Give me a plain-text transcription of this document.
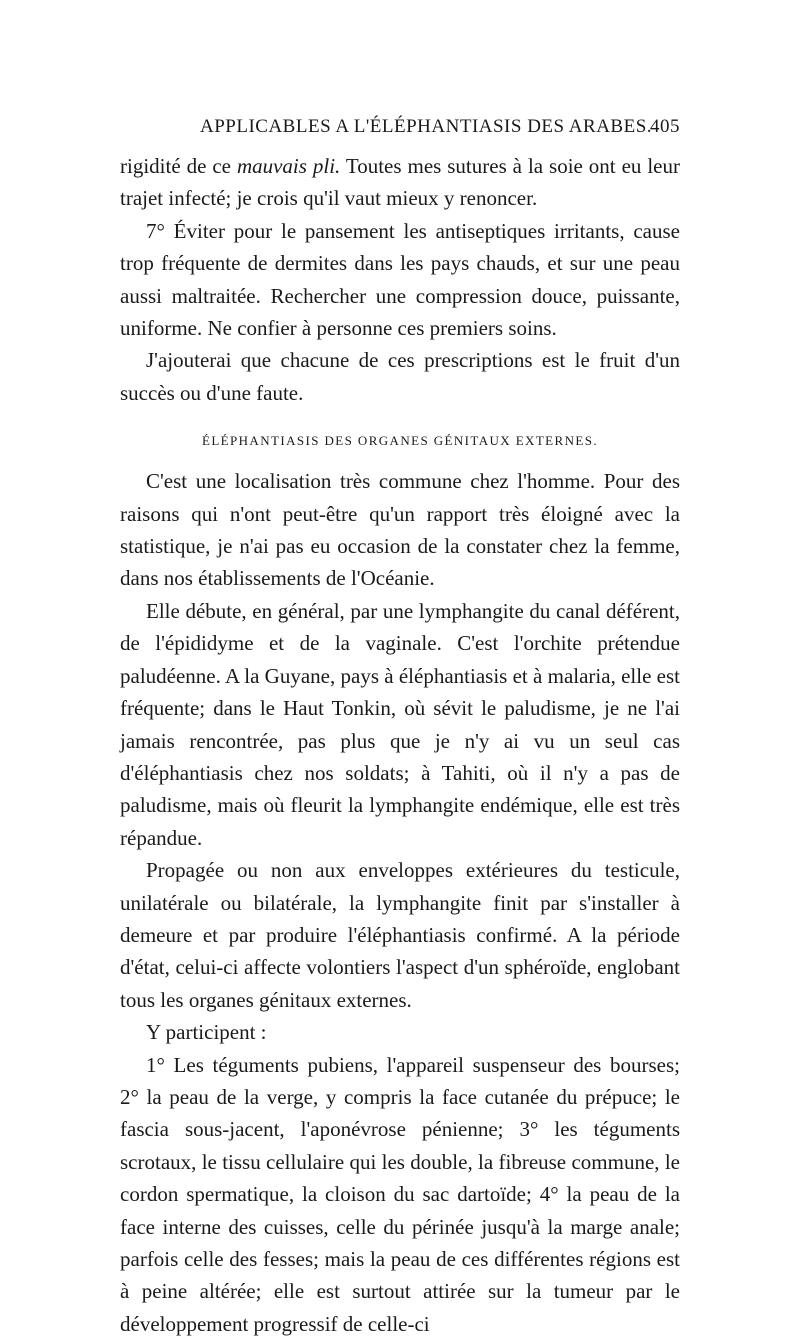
APPLICABLES A L'ÉLÉPHANTIASIS DES ARABES.
405

rigidité de ce mauvais pli. Toutes mes sutures à la soie ont eu leur trajet infecté; je crois qu'il vaut mieux y renoncer.

7° Éviter pour le pansement les antiseptiques irritants, cause trop fréquente de dermites dans les pays chauds, et sur une peau aussi maltraitée. Rechercher une compression douce, puissante, uniforme. Ne confier à personne ces premiers soins.

J'ajouterai que chacune de ces prescriptions est le fruit d'un succès ou d'une faute.

ÉLÉPHANTIASIS DES ORGANES GÉNITAUX EXTERNES.

C'est une localisation très commune chez l'homme. Pour des raisons qui n'ont peut-être qu'un rapport très éloigné avec la statistique, je n'ai pas eu occasion de la constater chez la femme, dans nos établissements de l'Océanie.

Elle débute, en général, par une lymphangite du canal déférent, de l'épididyme et de la vaginale. C'est l'orchite prétendue paludéenne. A la Guyane, pays à éléphantiasis et à malaria, elle est fréquente; dans le Haut Tonkin, où sévit le paludisme, je ne l'ai jamais rencontrée, pas plus que je n'y ai vu un seul cas d'éléphantiasis chez nos soldats; à Tahiti, où il n'y a pas de paludisme, mais où fleurit la lymphangite endémique, elle est très répandue.

Propagée ou non aux enveloppes extérieures du testicule, unilatérale ou bilatérale, la lymphangite finit par s'installer à demeure et par produire l'éléphantiasis confirmé. A la période d'état, celui-ci affecte volontiers l'aspect d'un sphéroïde, englobant tous les organes génitaux externes.

Y participent :

1° Les téguments pubiens, l'appareil suspenseur des bourses; 2° la peau de la verge, y compris la face cutanée du prépuce; le fascia sous-jacent, l'aponévrose pénienne; 3° les téguments scrotaux, le tissu cellulaire qui les double, la fibreuse commune, le cordon spermatique, la cloison du sac dartoïde; 4° la peau de la face interne des cuisses, celle du périnée jusqu'à la marge anale; parfois celle des fesses; mais la peau de ces différentes régions est à peine altérée; elle est surtout attirée sur la tumeur par le développement progressif de celle-ci
